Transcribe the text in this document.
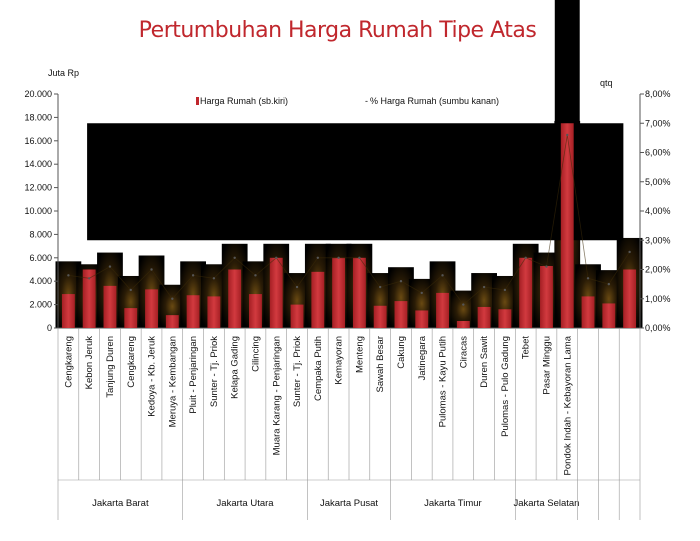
Pertumbuhan Harga Rumah Tipe Atas
0
2.000
4.000
6.000
8.000
10.000
12.000
14.000
16.000
18.000
20.000
0,00%
1,00%
2,00%
3,00%
4,00%
5,00%
6,00%
7,00%
8,00%
Cengkareng Kebon Jeruk Tanjung Duren Cengkareng Kedoya - Kb. Jeruk Meruya - Kembangan Pluit - Penjaringan Sunter - Tj. Priok Kelapa Gading Cilincing Muara Karang - Penjaringan Sunter - Tj. Priok Cempaka Putih Kemayoran Menteng Sawah Besar Cakung Jatinegara Pulomas - Kayu Putih Ciracas Duren Sawit Pulomas - Pulo Gadung Tebet Pasar Minggu Pondok Indah - Kebayoran Lama
Jakarta Barat	Jakarta Utara	Jakarta Pusat	Jakarta Timur	Jakarta Selatan
Harga Rumah (sb.kiri)	- % Harga Rumah (sumbu kanan)
Juta Rp
qtq
